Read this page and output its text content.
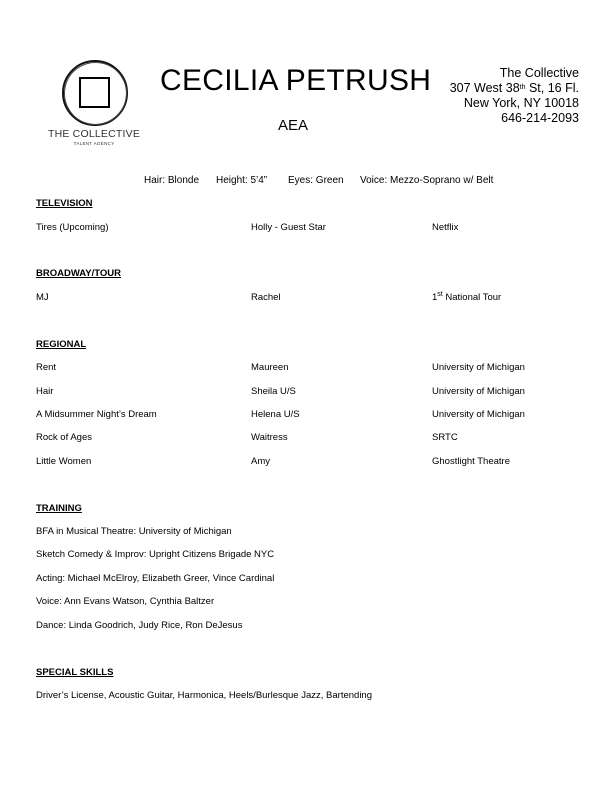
THE COLLECTIVE
TALENT AGENCY
CECILIA PETRUSH
AEA
The Collective
307 West 38th St, 16 Fl.
New York, NY 10018
646-214-2093
Hair: Blonde Height: 5’4” Eyes: Green Voice: Mezzo-Soprano w/ Belt
TELEVISION
Tires (Upcoming)	Holly - Guest Star	Netflix
BROADWAY/TOUR
MJ	Rachel	1st National Tour
REGIONAL
Rent	Maureen	University of Michigan
Hair	Sheila U/S	University of Michigan
A Midsummer Night’s Dream	Helena U/S	University of Michigan
Rock of Ages	Waitress	SRTC
Little Women	Amy	Ghostlight Theatre
TRAINING
BFA in Musical Theatre: University of Michigan
Sketch Comedy & Improv: Upright Citizens Brigade NYC
Acting: Michael McElroy, Elizabeth Greer, Vince Cardinal
Voice: Ann Evans Watson, Cynthia Baltzer
Dance: Linda Goodrich, Judy Rice, Ron DeJesus
SPECIAL SKILLS
Driver’s License, Acoustic Guitar, Harmonica, Heels/Burlesque Jazz, Bartending
